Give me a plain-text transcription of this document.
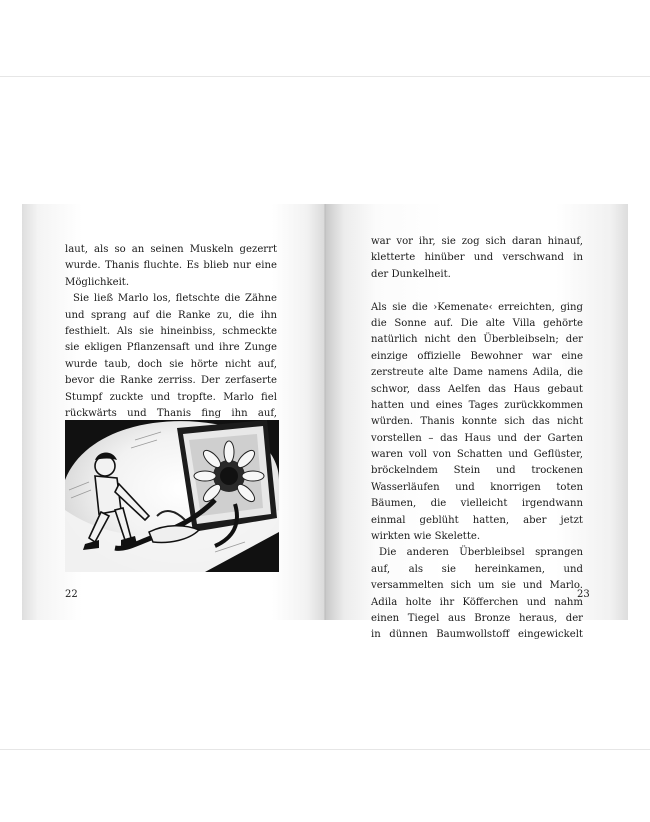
laut, als so an seinen Muskeln gezerrt
wurde. Thanis fluchte. Es blieb nur eine
Möglichkeit.
Sie ließ Marlo los, fletschte die Zähne
und sprang auf die Ranke zu, die ihn
festhielt. Als sie hineinbiss, schmeckte
sie ekligen Pflanzensaft und ihre Zunge
wurde taub, doch sie hörte nicht auf,
bevor die Ranke zerriss. Der zerfaserte
Stumpf zuckte und tropfte. Marlo fiel
rückwärts und Thanis fing ihn auf,
22
war vor ihr, sie zog sich daran hinauf,
kletterte hinüber und verschwand in
der Dunkelheit.
Als sie die ›Kemenate‹ erreichten, ging
die Sonne auf. Die alte Villa gehörte
natürlich nicht den Überbleibseln; der
einzige offizielle Bewohner war eine
zerstreute alte Dame namens Adila, die
schwor, dass Aelfen das Haus gebaut
hatten und eines Tages zurückkommen
würden. Thanis konnte sich das nicht
vorstellen – das Haus und der Garten
waren voll von Schatten und Geflüster,
bröckelndem Stein und trockenen
Wasserläufen und knorrigen toten
Bäumen, die vielleicht irgendwann
einmal geblüht hatten, aber jetzt
wirkten wie Skelette.
Die anderen Überbleibsel sprangen
auf, als sie hereinkamen, und
versammelten sich um sie und Marlo.
Adila holte ihr Köfferchen und nahm
einen Tiegel aus Bronze heraus, der
in dünnen Baumwollstoff eingewickelt
23
